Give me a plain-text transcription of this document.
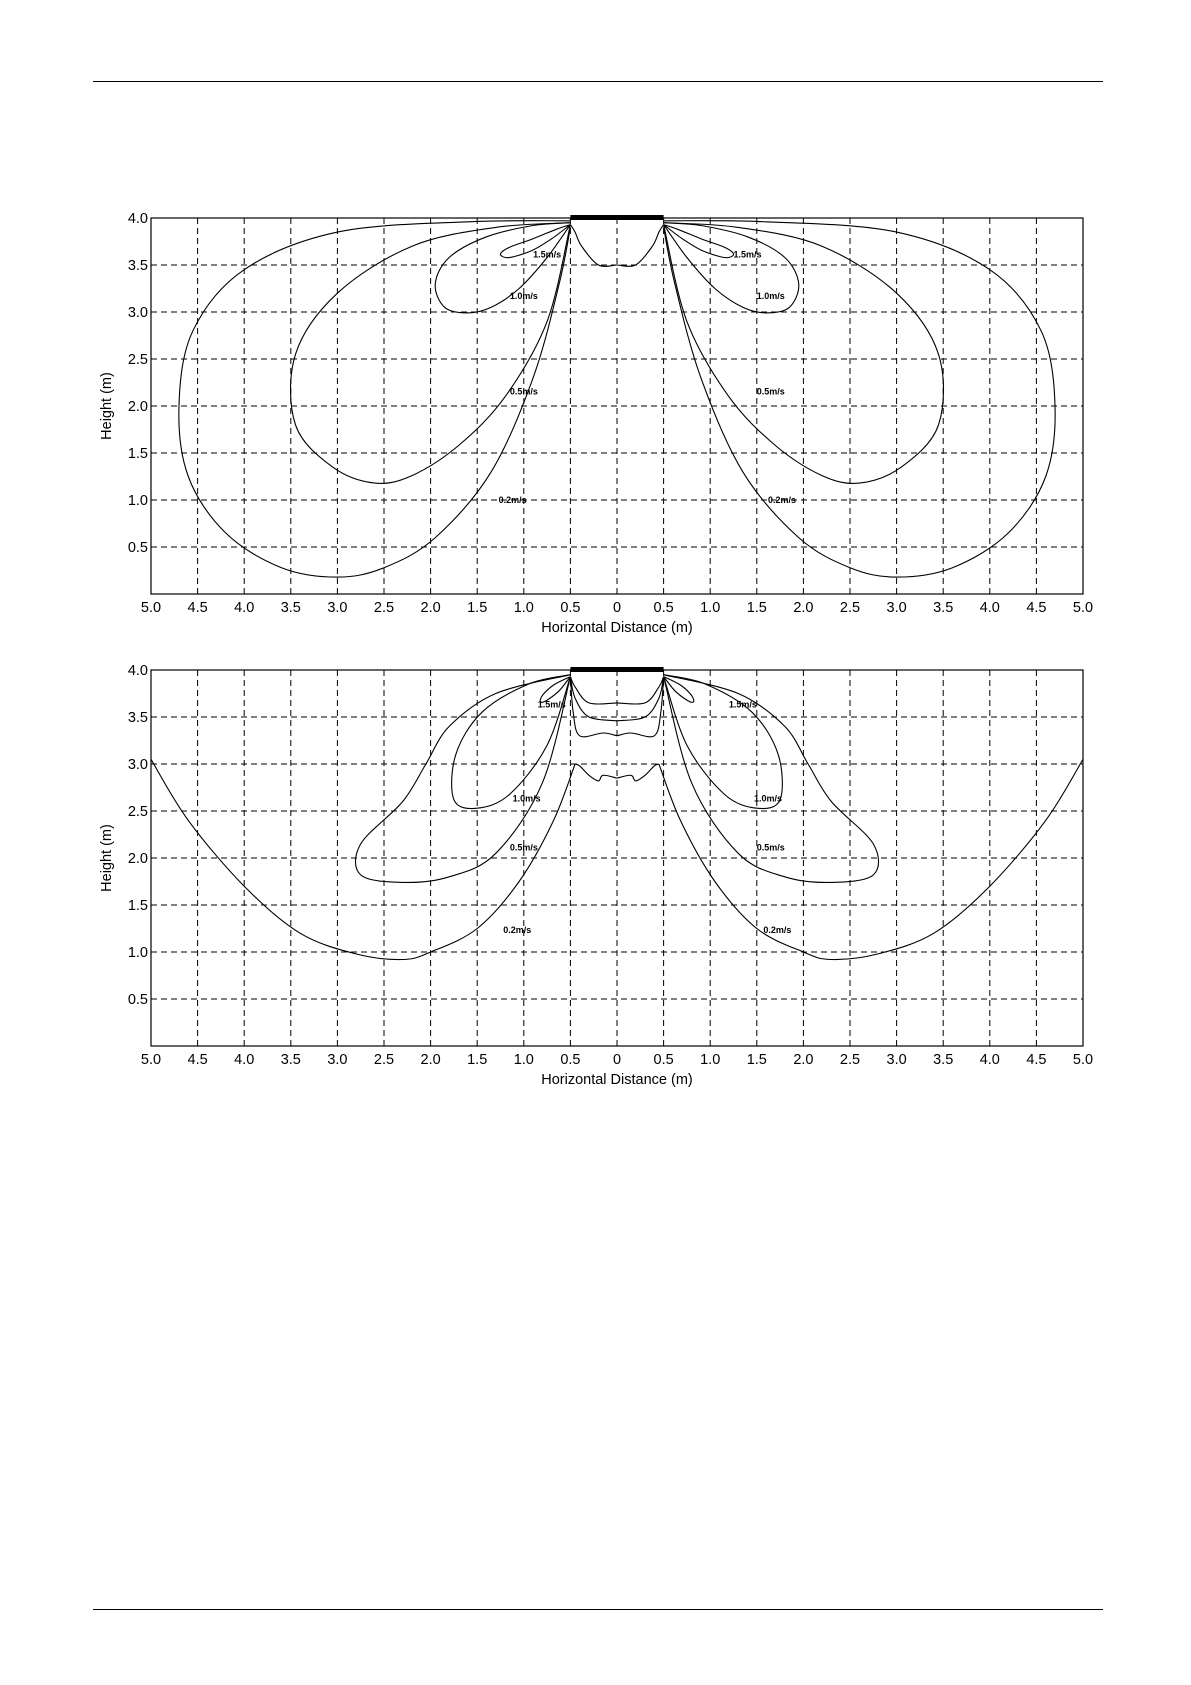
1.5m/s	1.5m/s
1.0m/s	1.0m/s
0.5m/s	0.5m/s
0.2m/s	0.2m/s
5.0 4.5 4.0 3.5 3.0 2.5 2.0 1.5 1.0 0.5 0 0.5 1.0 1.5 2.0 2.5 3.0 3.5 4.0 4.5 5.0
4.0
3.5
3.0
2.5
2.0
1.5
1.0
0.5
Horizontal Distance (m)
Height (m)
1.5m/s	1.5m/s
1.0m/s	1.0m/s
0.5m/s	0.5m/s
0.2m/s	0.2m/s
5.0 4.5 4.0 3.5 3.0 2.5 2.0 1.5 1.0 0.5 0 0.5 1.0 1.5 2.0 2.5 3.0 3.5 4.0 4.5 5.0
4.0
3.5
3.0
2.5
2.0
1.5
1.0
0.5
Horizontal Distance (m)
Height (m)
